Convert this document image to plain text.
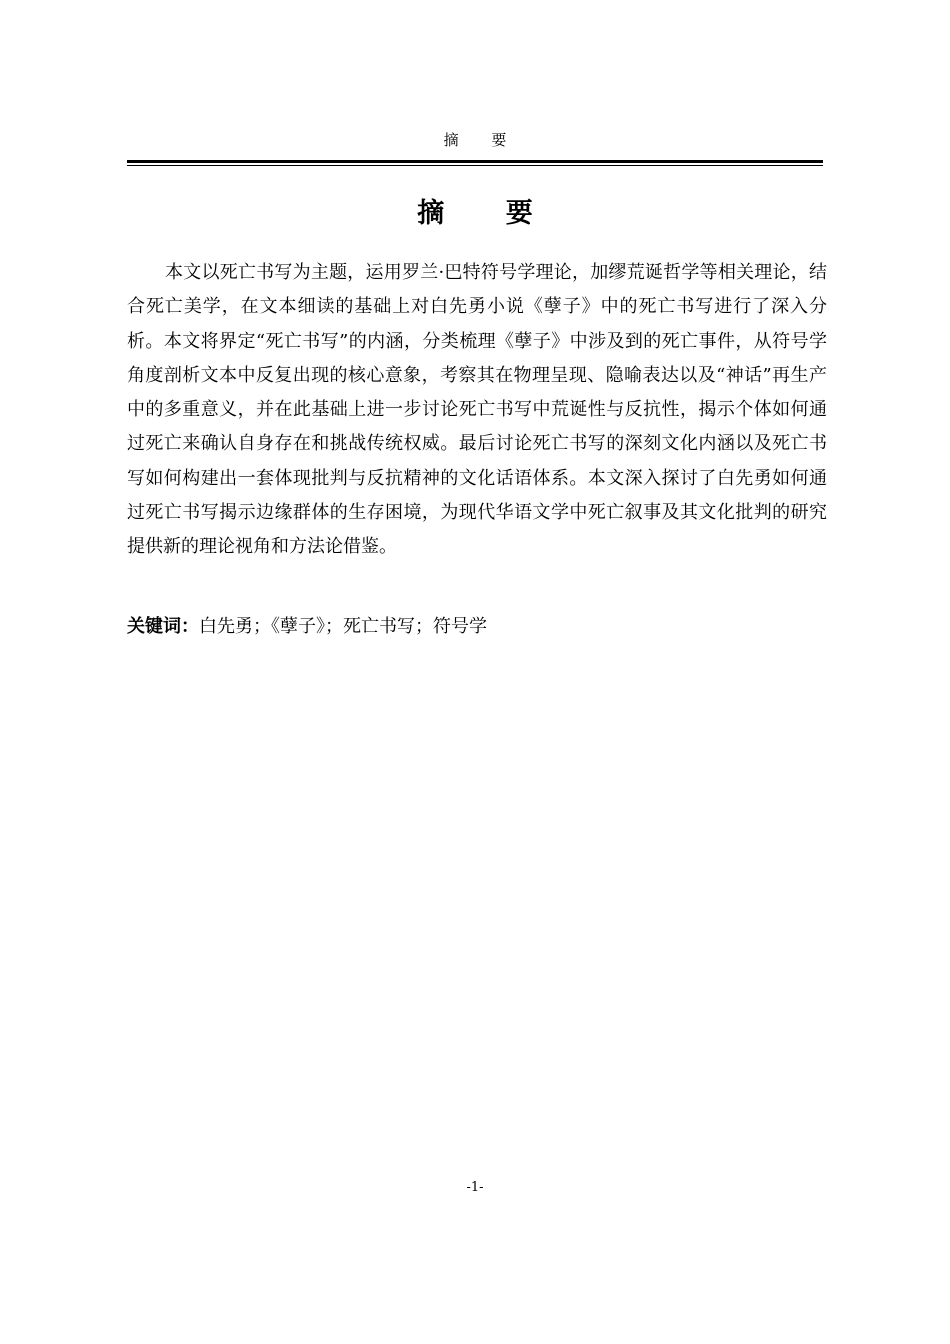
摘 要
摘 要

本文以死亡书写为主题，运用罗兰·巴特符号学理论，加缪荒诞哲学等相关理论，结合死亡美学，在文本细读的基础上对白先勇小说《孽子》中的死亡书写进行了深入分析。本文将界定“死亡书写”的内涵，分类梳理《孽子》中涉及到的死亡事件，从符号学角度剖析文本中反复出现的核心意象，考察其在物理呈现、隐喻表达以及“神话”再生产中的多重意义，并在此基础上进一步讨论死亡书写中荒诞性与反抗性，揭示个体如何通过死亡来确认自身存在和挑战传统权威。最后讨论死亡书写的深刻文化内涵以及死亡书写如何构建出一套体现批判与反抗精神的文化话语体系。本文深入探讨了白先勇如何通过死亡书写揭示边缘群体的生存困境，为现代华语文学中死亡叙事及其文化批判的研究提供新的理论视角和方法论借鉴。

关键词：白先勇；《孽子》；死亡书写；符号学

-1-
